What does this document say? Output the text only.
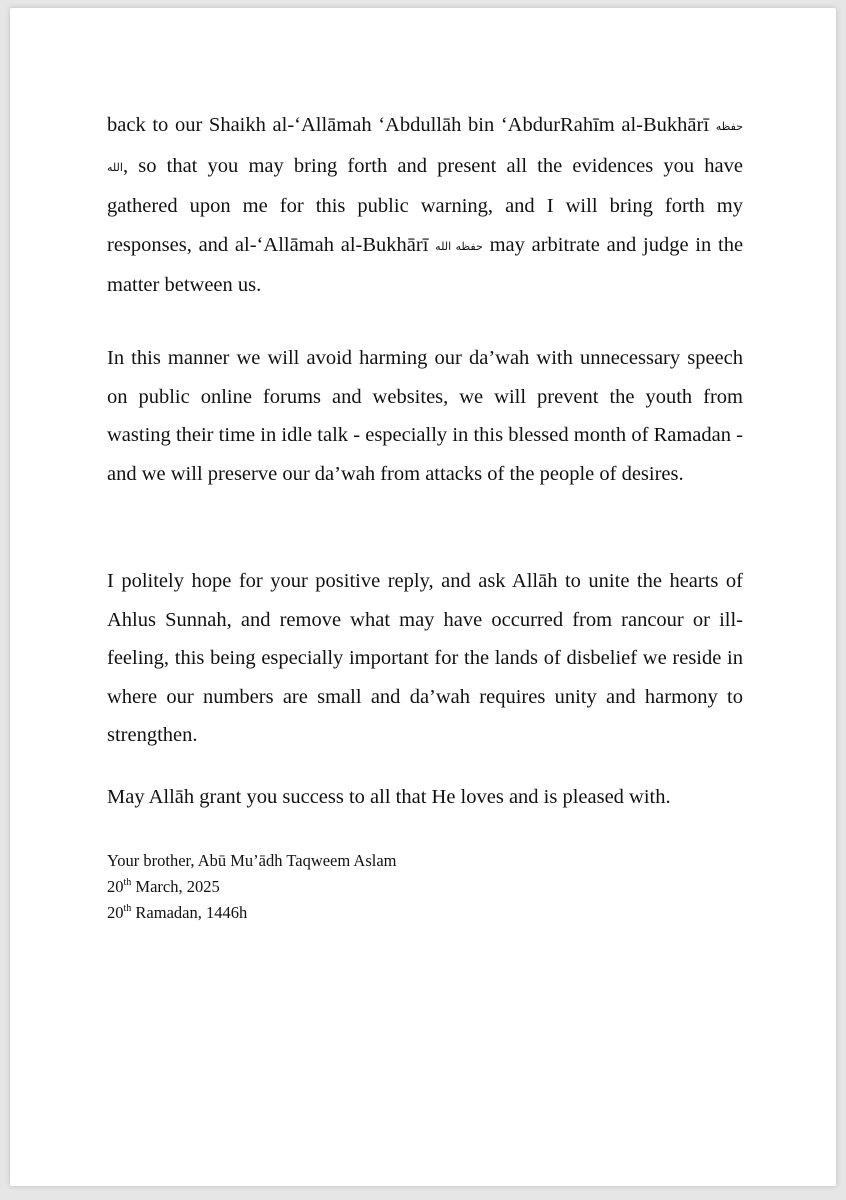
back to our Shaikh al-‘Allāmah ‘Abdullāh bin ‘AbdurRahīm al-Bukhārī حفظه الله, so that you may bring forth and present all the evidences you have gathered upon me for this public warning, and I will bring forth my responses, and al-‘Allāmah al-Bukhārī حفظه الله may arbitrate and judge in the matter between us.

In this manner we will avoid harming our da’wah with unnecessary speech on public online forums and websites, we will prevent the youth from wasting their time in idle talk - especially in this blessed month of Ramadan - and we will preserve our da’wah from attacks of the people of desires.

I politely hope for your positive reply, and ask Allāh to unite the hearts of Ahlus Sunnah, and remove what may have occurred from rancour or ill-feeling, this being especially important for the lands of disbelief we reside in where our numbers are small and da’wah requires unity and harmony to strengthen.

May Allāh grant you success to all that He loves and is pleased with.

Your brother, Abū Mu’ādh Taqweem Aslam

20th March, 2025

20th Ramadan, 1446h
